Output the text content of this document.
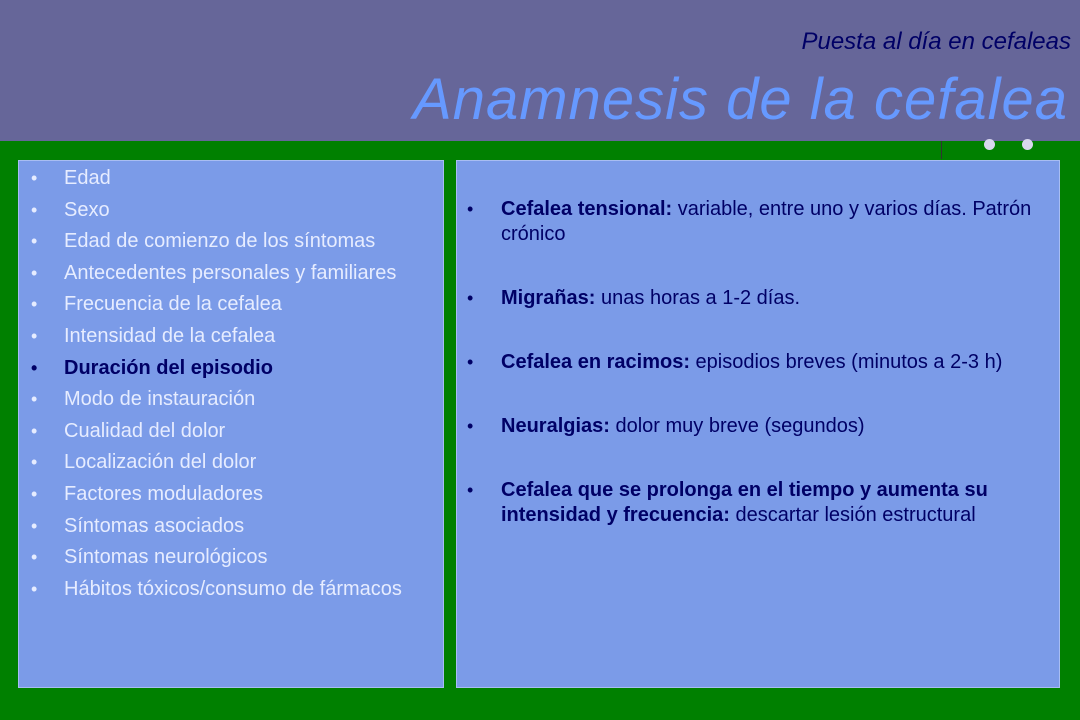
Puesta al día en cefaleas
Anamnesis de la cefalea
• Edad
• Sexo
• Edad de comienzo de los síntomas
• Antecedentes personales y familiares
• Frecuencia de la cefalea
• Intensidad de la cefalea
• Duración del episodio
• Modo de instauración
• Cualidad del dolor
• Localización del dolor
• Factores moduladores
• Síntomas asociados
• Síntomas neurológicos
• Hábitos tóxicos/consumo de fármacos
• Cefalea tensional: variable, entre uno y varios días. Patrón crónico
• Migrañas: unas horas a 1-2 días.
• Cefalea en racimos: episodios breves (minutos a 2-3 h)
• Neuralgias: dolor muy breve (segundos)
• Cefalea que se prolonga en el tiempo y aumenta su intensidad y frecuencia: descartar lesión estructural
